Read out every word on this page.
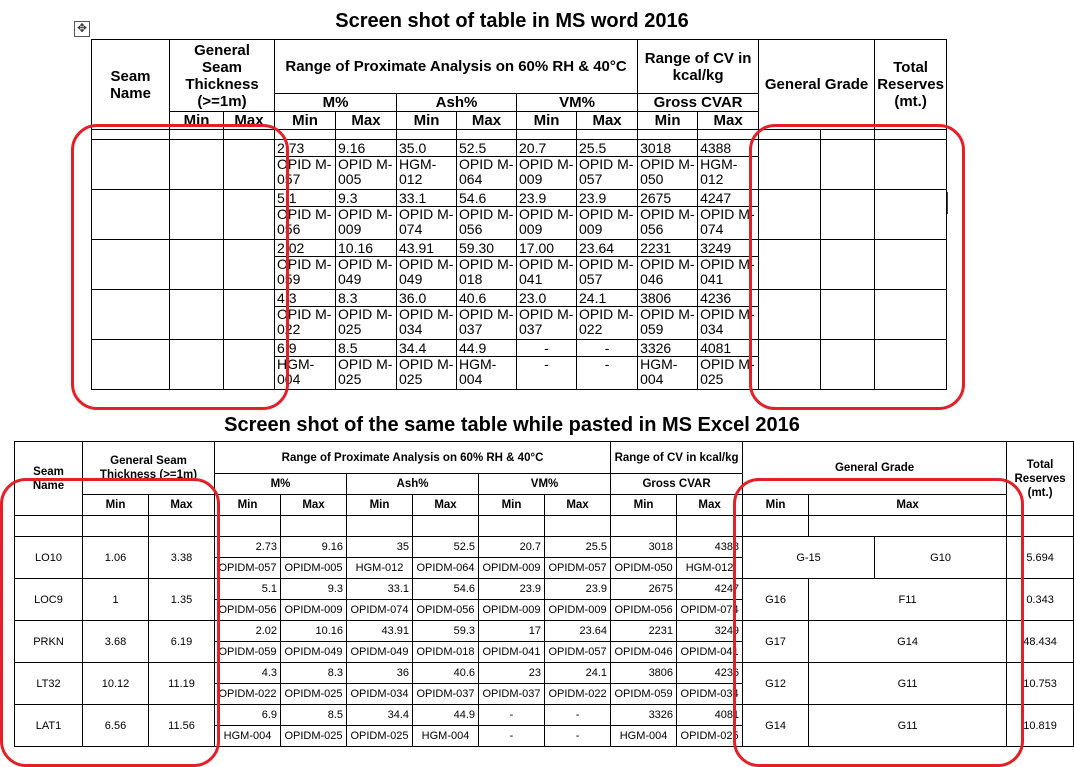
Screen shot of table in MS word 2016
✥
Seam Name	General Seam Thickness (>=1m)		Range of Proximate Analysis on 60% RH & 40°C						Range of CV in kcal/kg		General Grade		Total Reserves (mt.)
			M%		Ash%		VM%		Gross CVAR				
	Min	Max	Min	Max	Min	Max	Min	Max	Min	Max			

			2.73	9.16	35.0	52.5	20.7	25.5	3018	4388			
			OPID M-057	OPID M-005	HGM- 012	OPID M-064	OPID M-009	OPID M-057	OPID M-050	HGM- 012			
			5.1	9.3	33.1	54.6	23.9	23.9	2675	4247			
			OPID M-056	OPID M-009	OPID M-074	OPID M-056	OPID M-009	OPID M-009	OPID M-056	OPID M-074			
			2.02	10.16	43.91	59.30	17.00	23.64	2231	3249			
			OPID M-059	OPID M-049	OPID M-049	OPID M-018	OPID M-041	OPID M-057	OPID M-046	OPID M-041			
			4.3	8.3	36.0	40.6	23.0	24.1	3806	4236			
			OPID M-022	OPID M-025	OPID M-034	OPID M-037	OPID M-037	OPID M-022	OPID M-059	OPID M-034			
			6.9	8.5	34.4	44.9	-	-	3326	4081			
			HGM- 004	OPID M-025	OPID M-025	HGM- 004	-	-	HGM- 004	OPID M-025			
Screen shot of the same table while pasted in MS Excel 2016
Seam Name	General Seam Thickness (>=1m)		Range of Proximate Analysis on 60% RH & 40°C						Range of CV in kcal/kg		General Grade			Total Reserves (mt.)
			M%		Ash%		VM%		Gross CVAR					
	Min	Max	Min	Max	Min	Max	Min	Max	Min	Max	Min	Max		

LO10	1.06	3.38	2.73	9.16	35	52.5	20.7	25.5	3018	4388	G-15		G10	5.694
			OPIDM-057	OPIDM-005	HGM-012	OPIDM-064	OPIDM-009	OPIDM-057	OPIDM-050	HGM-012				
LOC9	1	1.35	5.1	9.3	33.1	54.6	23.9	23.9	2675	4247	G16	F11		0.343
			OPIDM-056	OPIDM-009	OPIDM-074	OPIDM-056	OPIDM-009	OPIDM-009	OPIDM-056	OPIDM-074				
PRKN	3.68	6.19	2.02	10.16	43.91	59.3	17	23.64	2231	3249	G17	G14		48.434
			OPIDM-059	OPIDM-049	OPIDM-049	OPIDM-018	OPIDM-041	OPIDM-057	OPIDM-046	OPIDM-041				
LT32	10.12	11.19	4.3	8.3	36	40.6	23	24.1	3806	4236	G12	G11		10.753
			OPIDM-022	OPIDM-025	OPIDM-034	OPIDM-037	OPIDM-037	OPIDM-022	OPIDM-059	OPIDM-034				
LAT1	6.56	11.56	6.9	8.5	34.4	44.9	-	-	3326	4081	G14	G11		10.819
			HGM-004	OPIDM-025	OPIDM-025	HGM-004	-	-	HGM-004	OPIDM-025				
